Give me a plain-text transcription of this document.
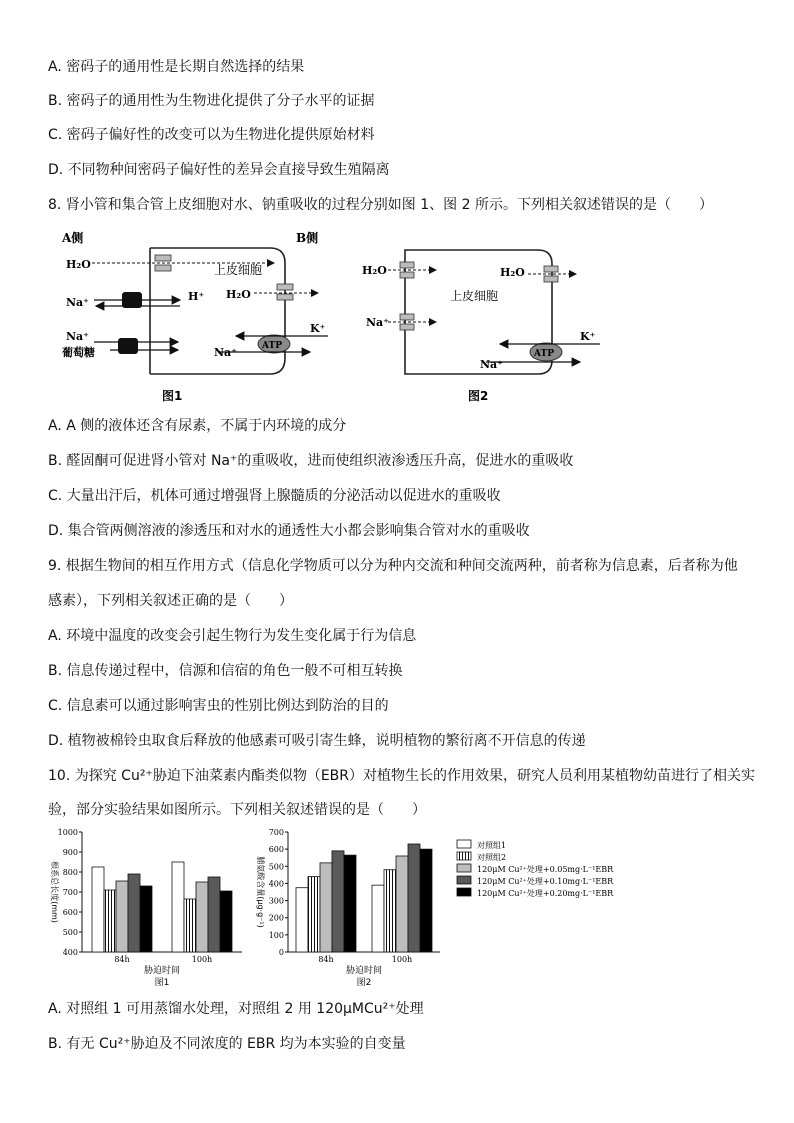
A. 密码子的通用性是长期自然选择的结果
B. 密码子的通用性为生物进化提供了分子水平的证据
C. 密码子偏好性的改变可以为生物进化提供原始材料
D. 不同物种间密码子偏好性的差异会直接导致生殖隔离
8. 肾小管和集合管上皮细胞对水、钠重吸收的过程分别如图 1、图 2 所示。下列相关叙述错误的是（　　）
A侧	B侧
上皮细胞
H₂O
H₂O
Na⁺	H⁺
Na⁺
葡萄糖	ATP
K⁺
Na⁺
图1
上皮细胞
H₂O	H₂O
Na⁺
ATP
K⁺
Na⁺
图2
A. A 侧的液体还含有尿素，不属于内环境的成分
B. 醛固酮可促进肾小管对 Na⁺的重吸收，进而使组织液渗透压升高，促进水的重吸收
C. 大量出汗后，机体可通过增强肾上腺髓质的分泌活动以促进水的重吸收
D. 集合管两侧溶液的渗透压和对水的通透性大小都会影响集合管对水的重吸收
9. 根据生物间的相互作用方式（信息化学物质可以分为种内交流和种间交流两种，前者称为信息素，后者称为他
感素），下列相关叙述正确的是（　　）
A. 环境中温度的改变会引起生物行为发生变化属于行为信息
B. 信息传递过程中，信源和信宿的角色一般不可相互转换
C. 信息素可以通过影响害虫的性别比例达到防治的目的
D. 植物被棉铃虫取食后释放的他感素可吸引寄生蜂，说明植物的繁衍离不开信息的传递
10. 为探究 Cu²⁺胁迫下油菜素内酯类似物（EBR）对植物生长的作用效果，研究人员利用某植物幼苗进行了相关实
验，部分实验结果如图所示。下列相关叙述错误的是（　　）
400
500
600
700
800
900
1000
84h	100h
胁迫时间
图1
根系总长度(mm)
0
100
200
300
400
500
600
700
84h	100h
胁迫时间
图2
脯氨酸含量(μg·g⁻¹)
对照组1
对照组2
120μM Cu²⁺处理+0.05mg·L⁻¹EBR
120μM Cu²⁺处理+0.10mg·L⁻¹EBR
120μM Cu²⁺处理+0.20mg·L⁻¹EBR
A. 对照组 1 可用蒸馏水处理，对照组 2 用 120μMCu²⁺处理
B. 有无 Cu²⁺胁迫及不同浓度的 EBR 均为本实验的自变量
